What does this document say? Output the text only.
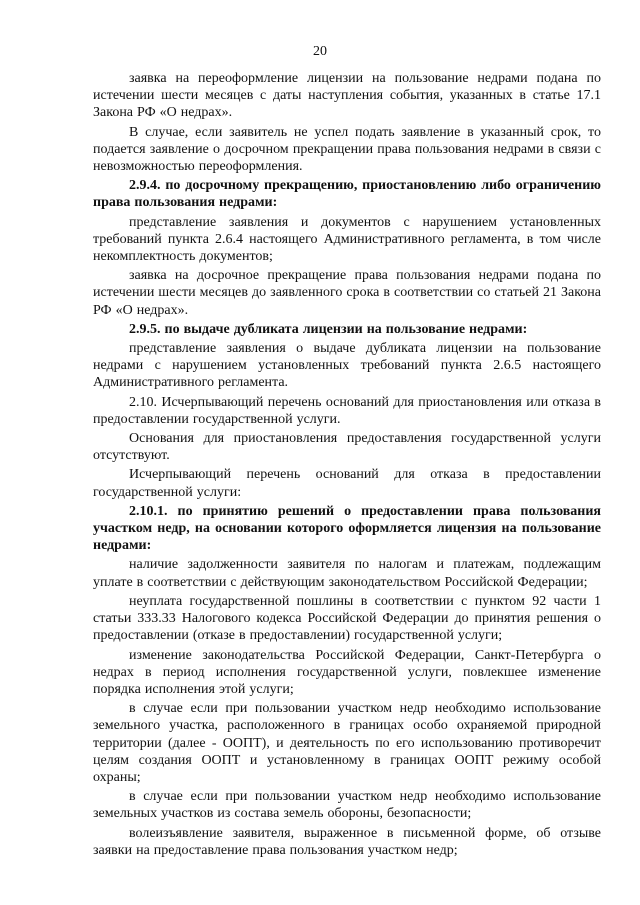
20

заявка на переоформление лицензии на пользование недрами подана по истечении шести месяцев с даты наступления события, указанных в статье 17.1 Закона РФ «О недрах».

В случае, если заявитель не успел подать заявление в указанный срок, то подается заявление о досрочном прекращении права пользования недрами в связи с невозможностью переоформления.

2.9.4. по досрочному прекращению, приостановлению либо ограничению права пользования недрами:

представление заявления и документов с нарушением установленных требований пункта 2.6.4 настоящего Административного регламента, в том числе некомплектность документов;

заявка на досрочное прекращение права пользования недрами подана по истечении шести месяцев до заявленного срока в соответствии со статьей 21 Закона РФ «О недрах».

2.9.5. по выдаче дубликата лицензии на пользование недрами:

представление заявления о выдаче дубликата лицензии на пользование недрами с нарушением установленных требований пункта 2.6.5 настоящего Административного регламента.

2.10. Исчерпывающий перечень оснований для приостановления или отказа в предоставлении государственной услуги.

Основания для приостановления предоставления государственной услуги отсутствуют.

Исчерпывающий перечень оснований для отказа в предоставлении государственной услуги:

2.10.1. по принятию решений о предоставлении права пользования участком недр, на основании которого оформляется лицензия на пользование недрами:

наличие задолженности заявителя по налогам и платежам, подлежащим уплате в соответствии с действующим законодательством Российской Федерации;

неуплата государственной пошлины в соответствии с пунктом 92 части 1 статьи 333.33 Налогового кодекса Российской Федерации до принятия решения о предоставлении (отказе в предоставлении) государственной услуги;

изменение законодательства Российской Федерации, Санкт-Петербурга о недрах в период исполнения государственной услуги, повлекшее изменение порядка исполнения этой услуги;

в случае если при пользовании участком недр необходимо использование земельного участка, расположенного в границах особо охраняемой природной территории (далее - ООПТ), и деятельность по его использованию противоречит целям создания ООПТ и установленному в границах ООПТ режиму особой охраны;

в случае если при пользовании участком недр необходимо использование земельных участков из состава земель обороны, безопасности;

волеизъявление заявителя, выраженное в письменной форме, об отзыве заявки на предоставление права пользования участком недр;
